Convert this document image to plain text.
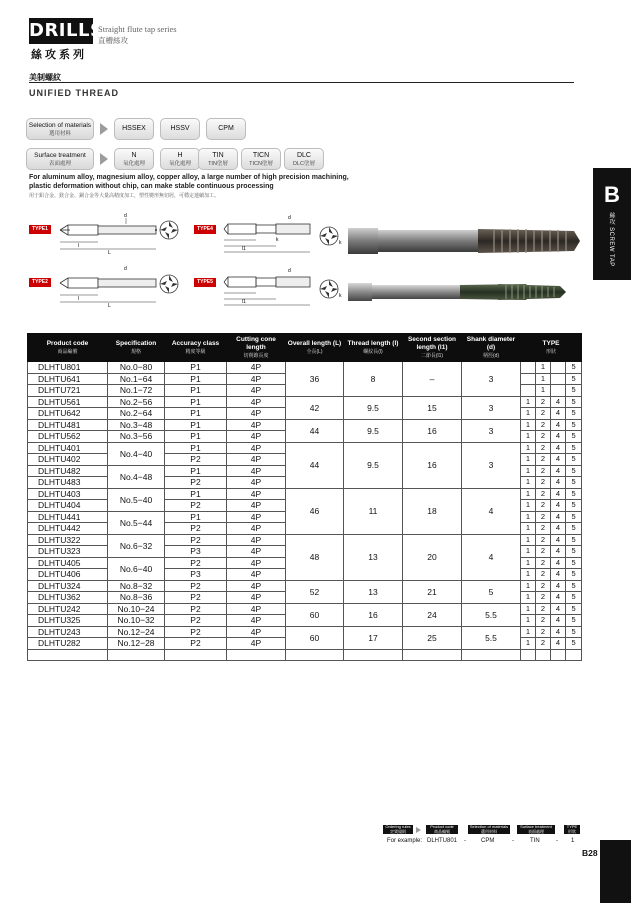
DRILLS
絲攻系列
Straight flute tap series
直槽絲攻
美制螺紋
UNIFIED THREAD
Selection of materials
選用材料
HSSEX	HSSV	CPM
Surface treatment
表面處理
N
氧化處理
H
氧化處理
TIN
TIN塗層
TICN
TICN塗層
DLC
DLC塗層
For aluminum alloy, magnesium alloy, copper alloy, a large number of high precision machining,
plastic deformation without chip, can make stable continuous processing
用于鋁合金、鎂合金、銅合金等大量高精度加工，塑性變形無切屑，可穩定連續加工。
TYPE1
l
L
d
TYPE4
d
l1
k	k
TYPE2
l
L
d
TYPE5
d
l1
k
B
絲攻 SCREW TAP
Product code
商品編號	Specification
規格	Accuracy class
精度等級	Cutting cone length
切削錐長度	Overall length (L)
全長(L)	Thread length (l)
螺紋長(l)	Second section length (l1)
二節長(l1)	Shank diameter (d)
柄徑(d)	TYPE
形狀			

DLHTU801	No.0−80	P1	4P	36	8	–	3		1		5
DLHTU641	No.1−64	P1	4P						1		5
DLHTU721	No.1−72	P1	4P						1		5
DLHTU561	No.2−56	P1	4P	42	9.5	15	3	1	2	4	5
DLHTU642	No.2−64	P1	4P					1	2	4	5
DLHTU481	No.3−48	P1	4P	44	9.5	16	3	1	2	4	5
DLHTU562	No.3−56	P1	4P					1	2	4	5
DLHTU401	No.4−40	P1	4P	44	9.5	16	3	1	2	4	5
DLHTU402		P2	4P					1	2	4	5
DLHTU482	No.4−48	P1	4P					1	2	4	5
DLHTU483		P2	4P					1	2	4	5
DLHTU403	No.5−40	P1	4P	46	11	18	4	1	2	4	5
DLHTU404		P2	4P					1	2	4	5
DLHTU441	No.5−44	P1	4P					1	2	4	5
DLHTU442		P2	4P					1	2	4	5
DLHTU322	No.6−32	P2	4P	48	13	20	4	1	2	4	5
DLHTU323		P3	4P					1	2	4	5
DLHTU405	No.6−40	P2	4P					1	2	4	5
DLHTU406		P3	4P					1	2	4	5
DLHTU324	No.8−32	P2	4P	52	13	21	5	1	2	4	5
DLHTU362	No.8−36	P2	4P					1	2	4	5
DLHTU242	No.10−24	P2	4P	60	16	24	5.5	1	2	4	5
DLHTU325	No.10−32	P2	4P					1	2	4	5
DLHTU243	No.12−24	P2	4P	60	17	25	5.5	1	2	4	5
DLHTU282	No.12−28	P2	4P					1	2	4	5

Ordering rules
定貨規則
Product code
商品編號
Selection of materials
選用材料
Surface treatment
表面處理
TYPE
形狀
For example: DLHTU801 -	CPM	-	TIN	- 1
B28
